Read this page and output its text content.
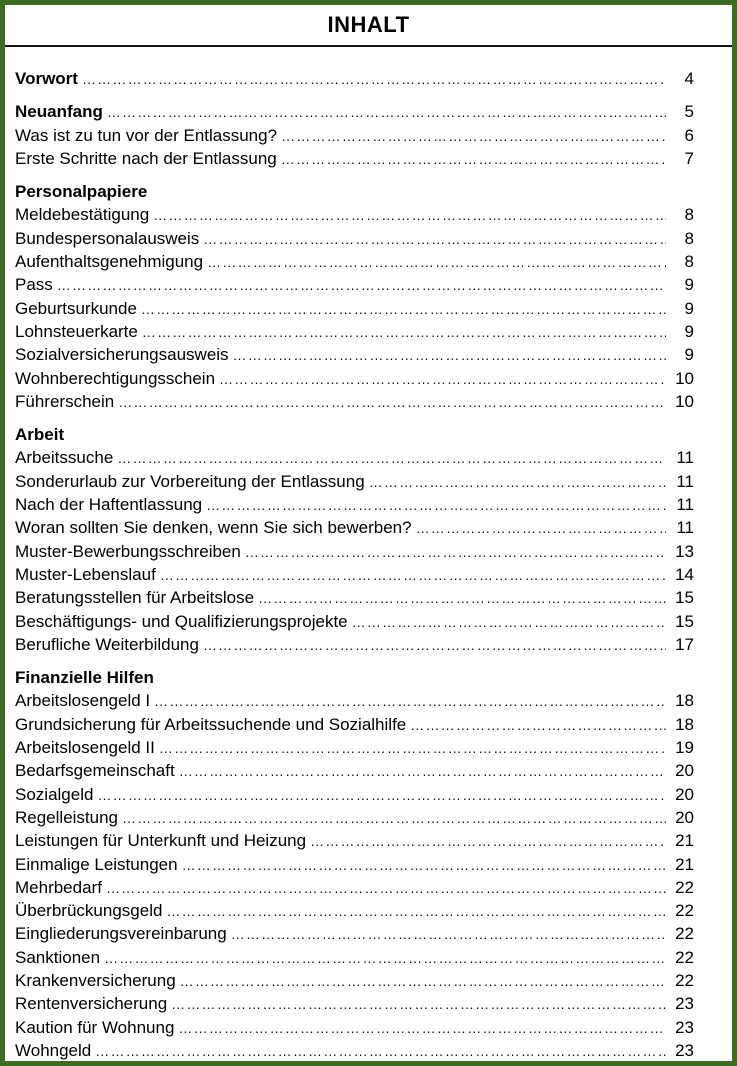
INHALT
Vorwort ………………………………………………………………………………………………………………………………………………………………………………………………	4
Neuanfang ………………………………………………………………………………………………………………………………………………………………………………………………	5
Was ist zu tun vor der Entlassung? ………………………………………………………………………………………………………………………………………………………………………………………………	6
Erste Schritte nach der Entlassung ………………………………………………………………………………………………………………………………………………………………………………………………	7
Personalpapiere
Meldebestätigung ………………………………………………………………………………………………………………………………………………………………………………………………	8
Bundespersonalausweis ………………………………………………………………………………………………………………………………………………………………………………………………	8
Aufenthaltsgenehmigung ………………………………………………………………………………………………………………………………………………………………………………………………	8
Pass ………………………………………………………………………………………………………………………………………………………………………………………………	9
Geburtsurkunde ………………………………………………………………………………………………………………………………………………………………………………………………	9
Lohnsteuerkarte ………………………………………………………………………………………………………………………………………………………………………………………………	9
Sozialversicherungsausweis ………………………………………………………………………………………………………………………………………………………………………………………………	9
Wohnberechtigungsschein ………………………………………………………………………………………………………………………………………………………………………………………………	10
Führerschein ………………………………………………………………………………………………………………………………………………………………………………………………	10
Arbeit
Arbeitssuche ………………………………………………………………………………………………………………………………………………………………………………………………	11
Sonderurlaub zur Vorbereitung der Entlassung ………………………………………………………………………………………………………………………………………………………………………………………………	11
Nach der Haftentlassung ………………………………………………………………………………………………………………………………………………………………………………………………	11
Woran sollten Sie denken, wenn Sie sich bewerben? ………………………………………………………………………………………………………………………………………………………………………………………………	11
Muster-Bewerbungsschreiben ………………………………………………………………………………………………………………………………………………………………………………………………	13
Muster-Lebenslauf ………………………………………………………………………………………………………………………………………………………………………………………………	14
Beratungsstellen für Arbeitslose ………………………………………………………………………………………………………………………………………………………………………………………………	15
Beschäftigungs- und Qualifizierungsprojekte ………………………………………………………………………………………………………………………………………………………………………………………………	15
Berufliche Weiterbildung ………………………………………………………………………………………………………………………………………………………………………………………………	17
Finanzielle Hilfen
Arbeitslosengeld I ………………………………………………………………………………………………………………………………………………………………………………………………	18
Grundsicherung für Arbeitssuchende und Sozialhilfe ………………………………………………………………………………………………………………………………………………………………………………………………	18
Arbeitslosengeld II ………………………………………………………………………………………………………………………………………………………………………………………………	19
Bedarfsgemeinschaft ………………………………………………………………………………………………………………………………………………………………………………………………	20
Sozialgeld ………………………………………………………………………………………………………………………………………………………………………………………………	20
Regelleistung ………………………………………………………………………………………………………………………………………………………………………………………………	20
Leistungen für Unterkunft und Heizung ………………………………………………………………………………………………………………………………………………………………………………………………	21
Einmalige Leistungen ………………………………………………………………………………………………………………………………………………………………………………………………	21
Mehrbedarf ………………………………………………………………………………………………………………………………………………………………………………………………	22
Überbrückungsgeld ………………………………………………………………………………………………………………………………………………………………………………………………	22
Eingliederungsvereinbarung ………………………………………………………………………………………………………………………………………………………………………………………………	22
Sanktionen ………………………………………………………………………………………………………………………………………………………………………………………………	22
Krankenversicherung ………………………………………………………………………………………………………………………………………………………………………………………………	22
Rentenversicherung ………………………………………………………………………………………………………………………………………………………………………………………………	23
Kaution für Wohnung ………………………………………………………………………………………………………………………………………………………………………………………………	23
Wohngeld ………………………………………………………………………………………………………………………………………………………………………………………………	23
